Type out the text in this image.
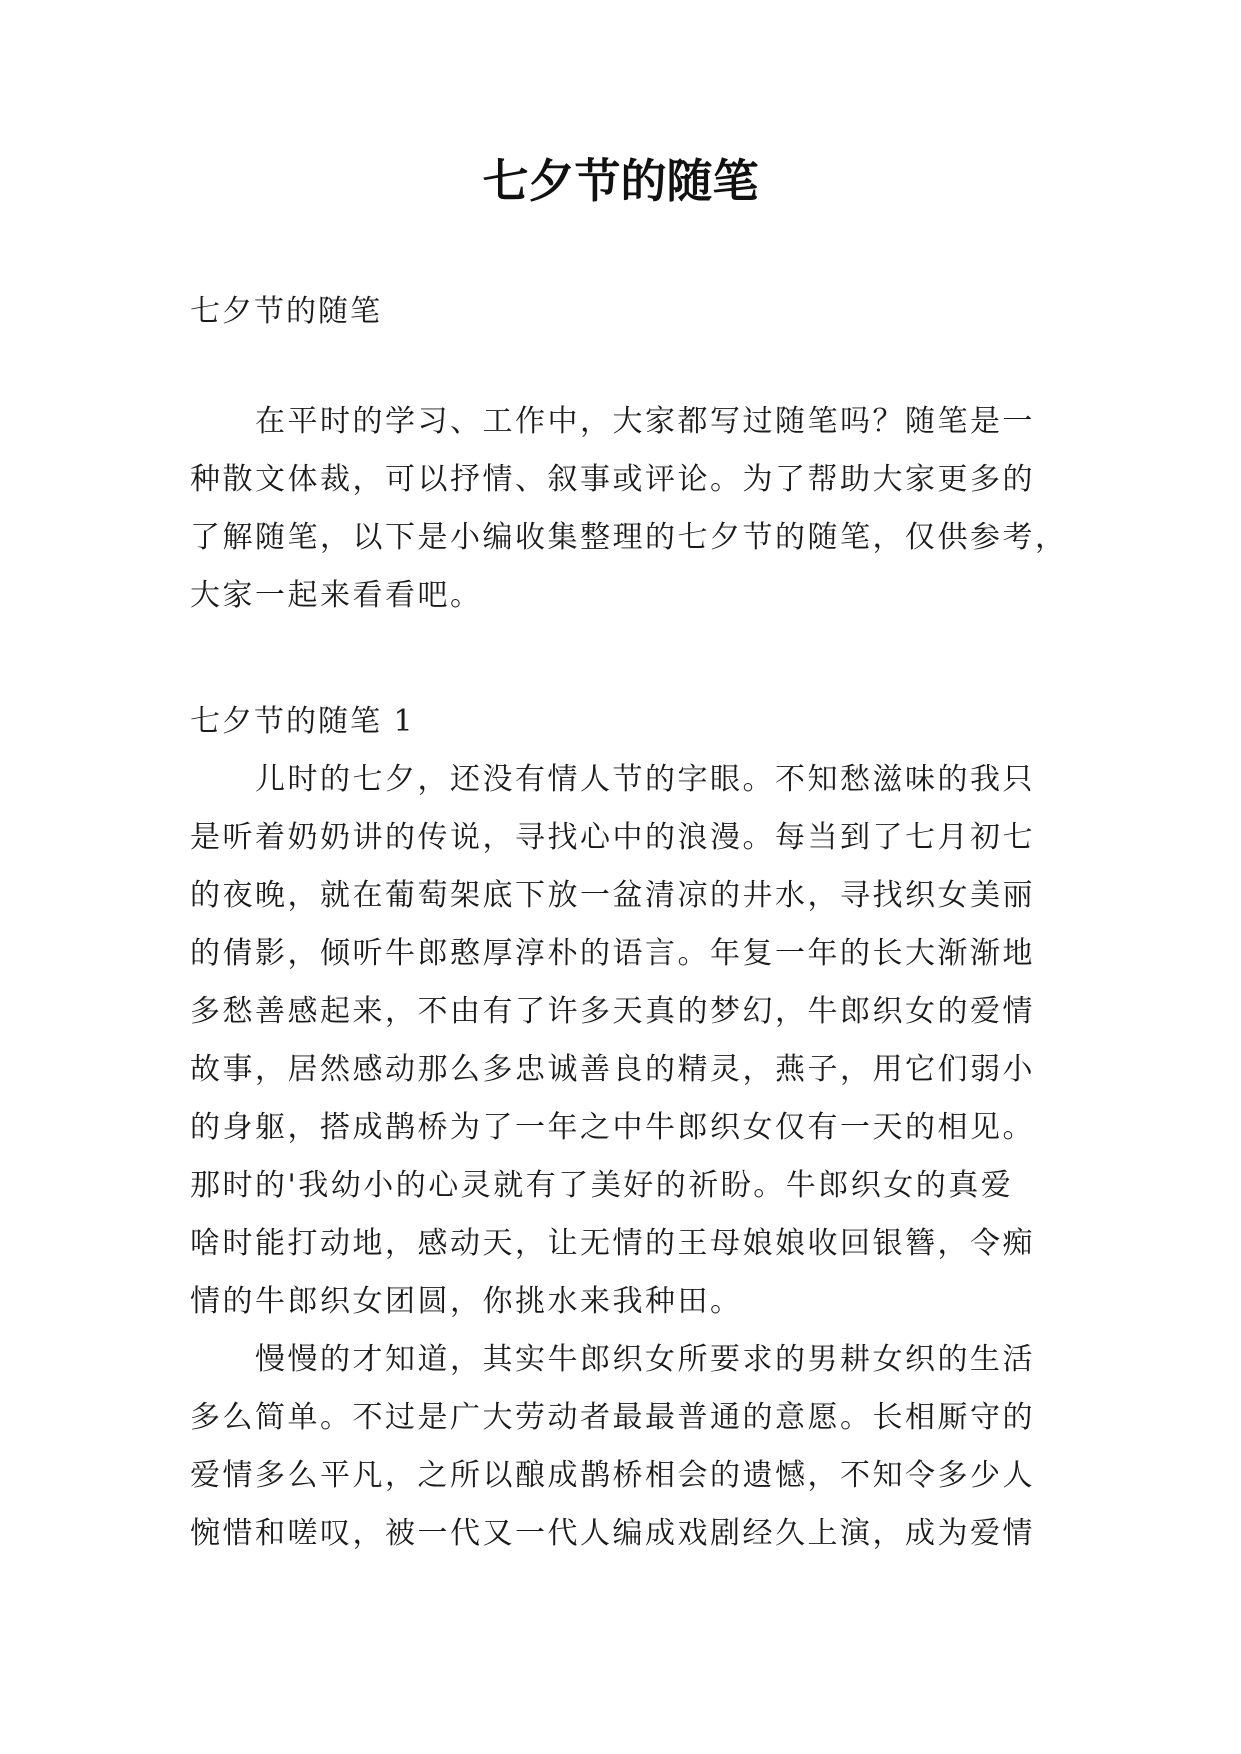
七夕节的随笔
七夕节的随笔
　　在平时的学习、工作中，大家都写过随笔吗？随笔是一
种散文体裁，可以抒情、叙事或评论。为了帮助大家更多的
了解随笔，以下是小编收集整理的七夕节的随笔，仅供参考，
大家一起来看看吧。
七夕节的随笔 1
　　儿时的七夕，还没有情人节的字眼。不知愁滋味的我只
是听着奶奶讲的传说，寻找心中的浪漫。每当到了七月初七
的夜晚，就在葡萄架底下放一盆清凉的井水，寻找织女美丽
的倩影，倾听牛郎憨厚淳朴的语言。年复一年的长大渐渐地
多愁善感起来，不由有了许多天真的梦幻，牛郎织女的爱情
故事，居然感动那么多忠诚善良的精灵，燕子，用它们弱小
的身躯，搭成鹊桥为了一年之中牛郎织女仅有一天的相见。
那时的'我幼小的心灵就有了美好的祈盼。牛郎织女的真爱
啥时能打动地，感动天，让无情的王母娘娘收回银簪，令痴
情的牛郎织女团圆，你挑水来我种田。
　　慢慢的才知道，其实牛郎织女所要求的男耕女织的生活
多么简单。不过是广大劳动者最最普通的意愿。长相厮守的
爱情多么平凡，之所以酿成鹊桥相会的遗憾，不知令多少人
惋惜和嗟叹，被一代又一代人编成戏剧经久上演，成为爱情
